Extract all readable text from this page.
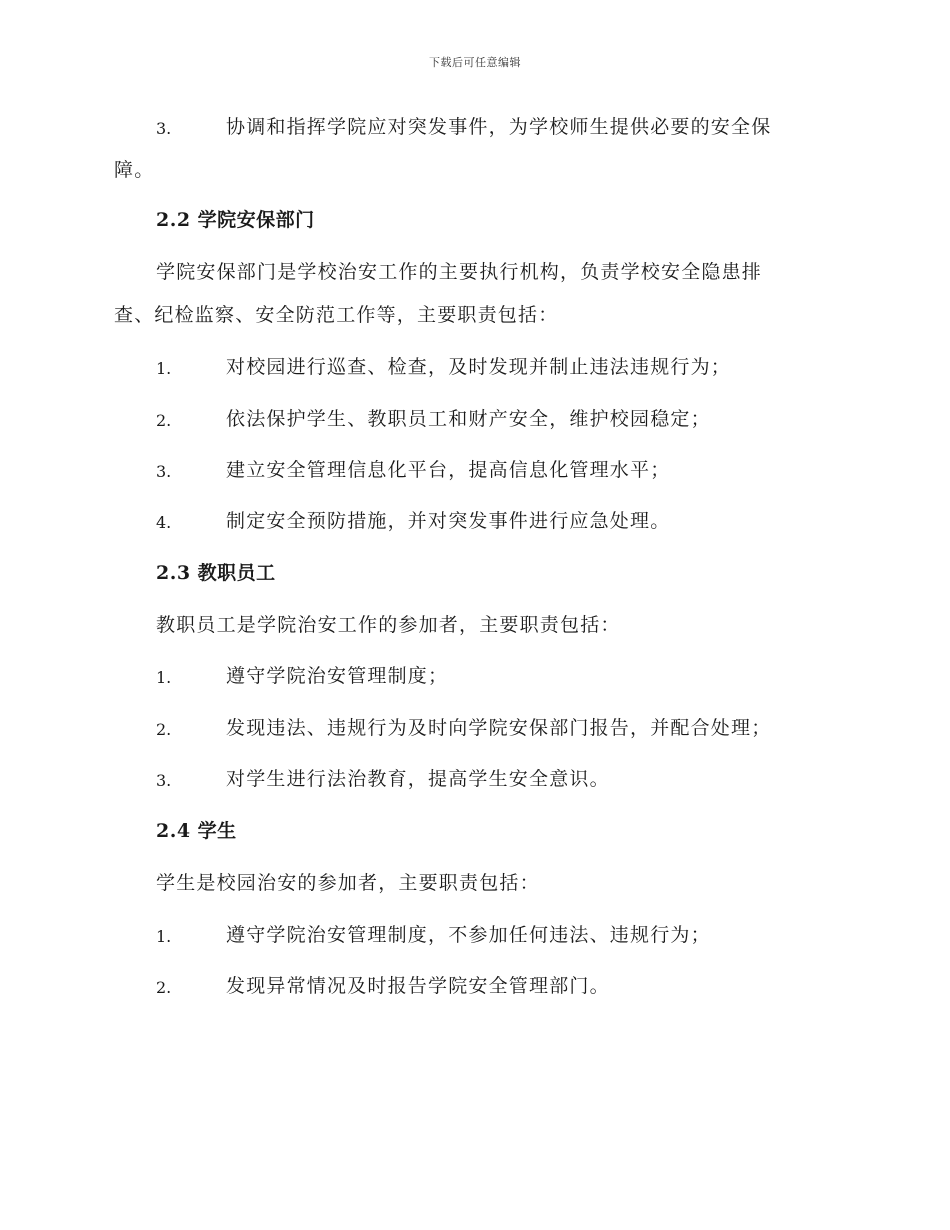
下载后可任意编辑
3.	协调和指挥学院应对突发事件，为学校师生提供必要的安全保
障。
2.2 学院安保部门
学院安保部门是学校治安工作的主要执行机构，负责学校安全隐患排
查、纪检监察、安全防范工作等，主要职责包括：
1.	对校园进行巡查、检查，及时发现并制止违法违规行为；
2.	依法保护学生、教职员工和财产安全，维护校园稳定；
3.	建立安全管理信息化平台，提高信息化管理水平；
4.	制定安全预防措施，并对突发事件进行应急处理。
2.3 教职员工
教职员工是学院治安工作的参加者，主要职责包括：
1.	遵守学院治安管理制度；
2.	发现违法、违规行为及时向学院安保部门报告，并配合处理；
3.	对学生进行法治教育，提高学生安全意识。
2.4 学生
学生是校园治安的参加者，主要职责包括：
1.	遵守学院治安管理制度，不参加任何违法、违规行为；
2.	发现异常情况及时报告学院安全管理部门。
